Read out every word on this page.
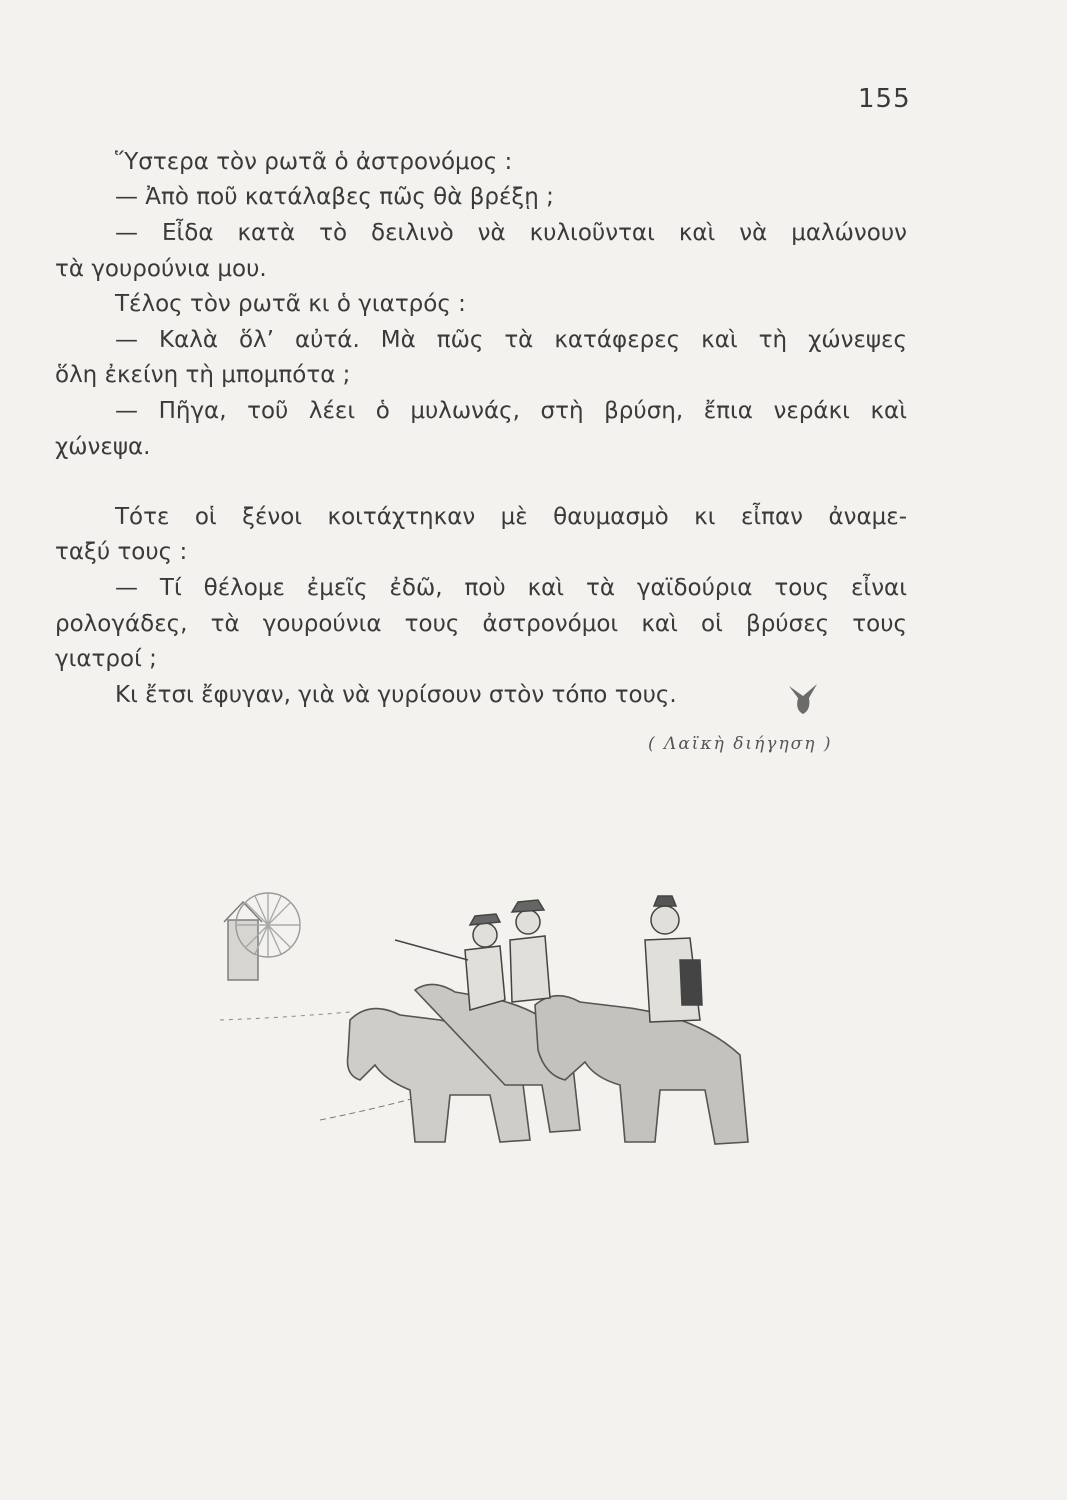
155
Ὕστερα τὸν ρωτᾶ ὁ ἀστρονόμος :
— Ἀπὸ ποῦ κατάλαβες πῶς θὰ βρέξῃ ;
— Εἶδα κατὰ τὸ δειλινὸ νὰ κυλιοῦνται καὶ νὰ μαλώνουν
τὰ γουρούνια μου.
Τέλος τὸν ρωτᾶ κι ὁ γιατρός :
— Καλὰ ὅλ’ αὐτά. Μὰ πῶς τὰ κατάφερες καὶ τὴ χώνεψες
ὅλη ἐκείνη τὴ μπομπότα ;
— Πῆγα, τοῦ λέει ὁ μυλωνάς, στὴ βρύση, ἔπια νεράκι καὶ
χώνεψα.
Τότε οἱ ξένοι κοιτάχτηκαν μὲ θαυμασμὸ κι εἶπαν ἀναμε-
ταξύ τους :
— Τί θέλομε ἐμεῖς ἐδῶ, ποὺ καὶ τὰ γαϊδούρια τους εἶναι
ρολογάδες, τὰ γουρούνια τους ἀστρονόμοι καὶ οἱ βρύσες τους
γιατροί ;
Κι ἔτσι ἔφυγαν, γιὰ νὰ γυρίσουν στὸν τόπο τους.
( Λαϊκὴ διήγηση )
